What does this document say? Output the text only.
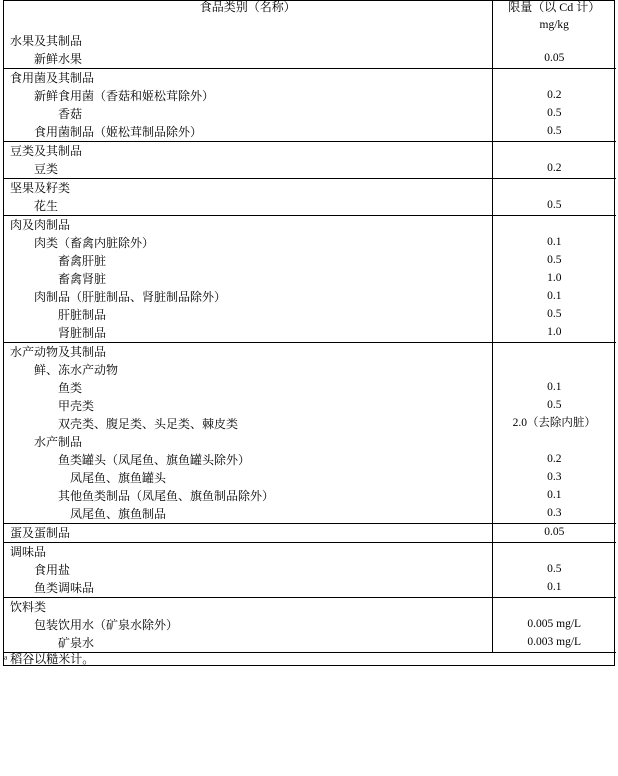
食品类别（名称）	限量（以 Cd 计）
mg/kg

水果及其制品	
新鲜水果	0.05
食用菌及其制品	
新鲜食用菌（香菇和姬松茸除外）	0.2
香菇	0.5
食用菌制品（姬松茸制品除外）	0.5
豆类及其制品	
豆类	0.2
坚果及籽类	
花生	0.5
肉及肉制品	
肉类（畜禽内脏除外）	0.1
畜禽肝脏	0.5
畜禽肾脏	1.0
肉制品（肝脏制品、肾脏制品除外）	0.1
肝脏制品	0.5
肾脏制品	1.0
水产动物及其制品	
鲜、冻水产动物	
鱼类	0.1
甲壳类	0.5
双壳类、腹足类、头足类、棘皮类	2.0（去除内脏）
水产制品	
鱼类罐头（凤尾鱼、旗鱼罐头除外）	0.2
凤尾鱼、旗鱼罐头	0.3
其他鱼类制品（凤尾鱼、旗鱼制品除外）	0.1
凤尾鱼、旗鱼制品	0.3
蛋及蛋制品	0.05
调味品	
食用盐	0.5
鱼类调味品	0.1
饮料类	
包装饮用水（矿泉水除外）	0.005 mg/L
矿泉水	0.003 mg/L
ᵃ 稻谷以糙米计。	
